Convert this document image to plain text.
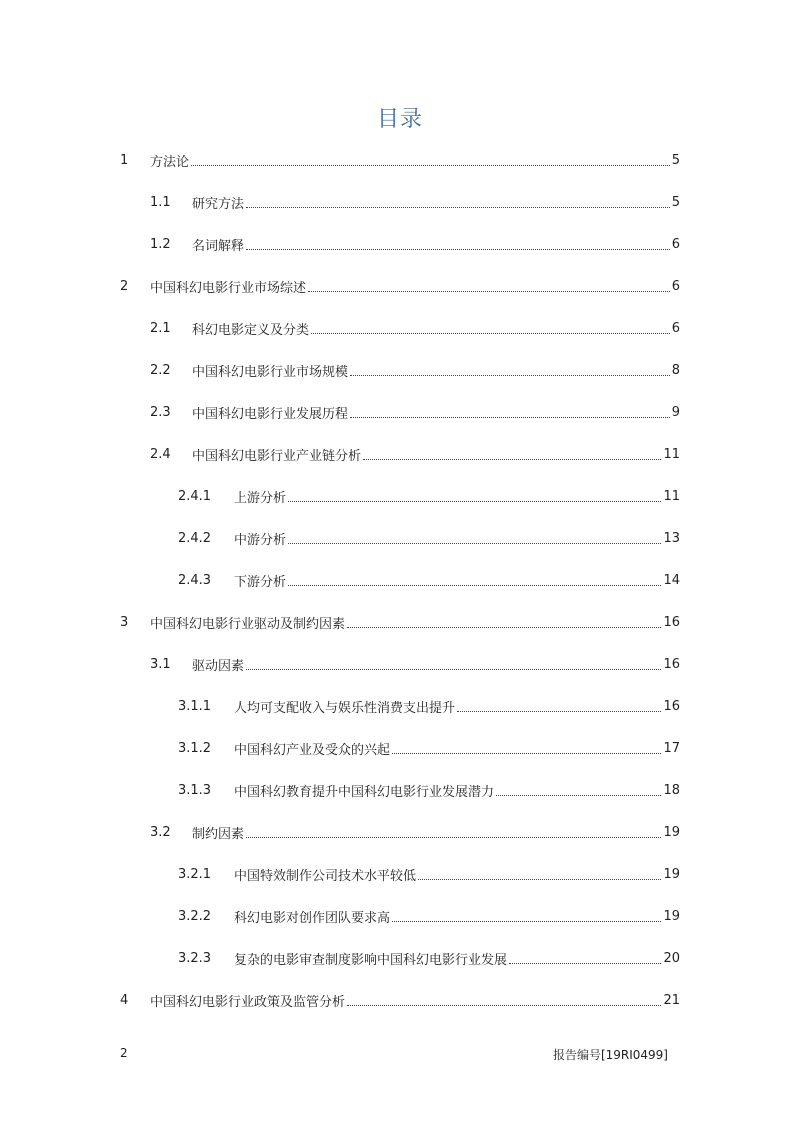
目录
1	方法论	5
1.1	研究方法	5
1.2	名词解释	6
2	中国科幻电影行业市场综述	6
2.1	科幻电影定义及分类	6
2.2	中国科幻电影行业市场规模	8
2.3	中国科幻电影行业发展历程	9
2.4	中国科幻电影行业产业链分析	11
2.4.1	上游分析	11
2.4.2	中游分析	13
2.4.3	下游分析	14
3	中国科幻电影行业驱动及制约因素	16
3.1	驱动因素	16
3.1.1	人均可支配收入与娱乐性消费支出提升	16
3.1.2	中国科幻产业及受众的兴起	17
3.1.3	中国科幻教育提升中国科幻电影行业发展潜力	18
3.2	制约因素	19
3.2.1	中国特效制作公司技术水平较低	19
3.2.2	科幻电影对创作团队要求高	19
3.2.3	复杂的电影审查制度影响中国科幻电影行业发展	20
4	中国科幻电影行业政策及监管分析	21
2	报告编号[19RI0499]
